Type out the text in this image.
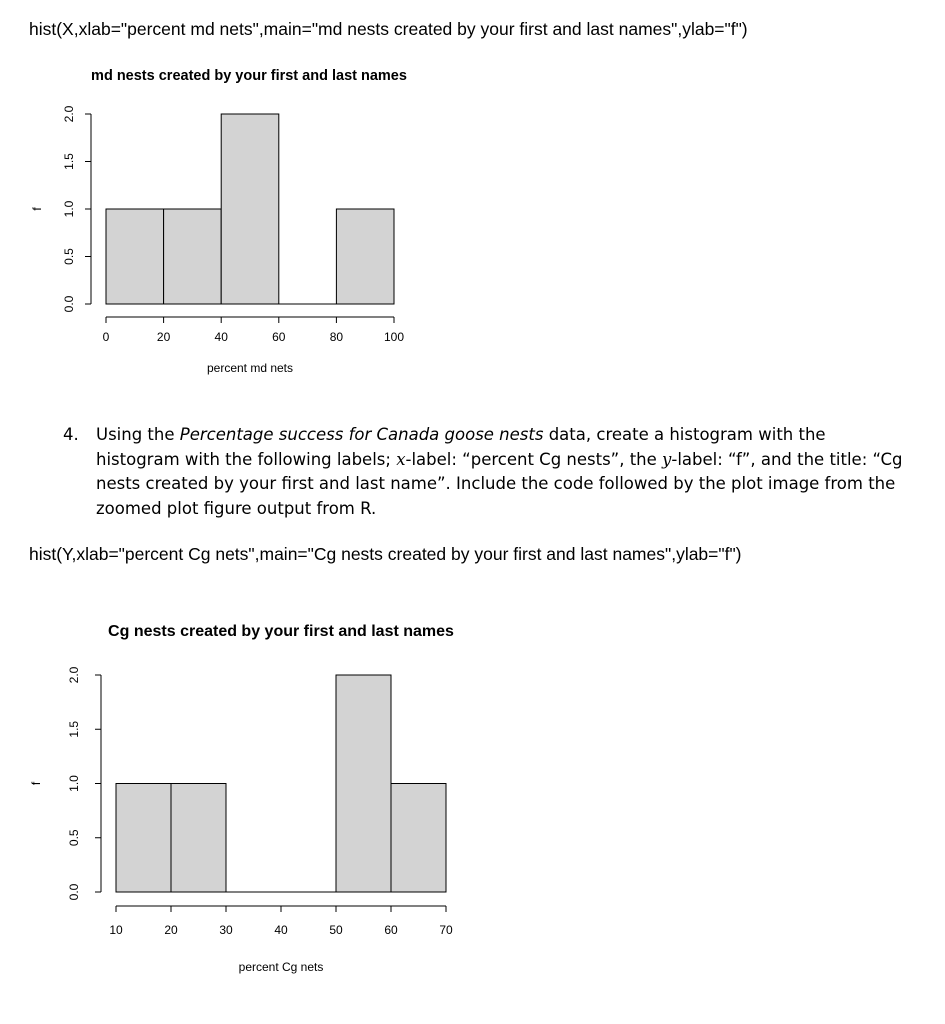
hist(X,xlab="percent md nets",main="md nests created by your first and last names",ylab="f")
md nests created by your first and last names
0.0
0.5
1.0
1.5
2.0
f
0	20	40	60	80	100
percent md nets
4. Using the Percentage success for Canada goose nests data, create a histogram with the histogram with the following labels; x-label: “percent Cg nests”, the y-label: “f”, and the title: “Cg nests created by your first and last name”. Include the code followed by the plot image from the zoomed plot figure output from R.
hist(Y,xlab="percent Cg nets",main="Cg nests created by your first and last names",ylab="f")
Cg nests created by your first and last names
0.0
0.5
1.0
1.5
2.0
f
10	20	30	40	50	60	70
percent Cg nets
